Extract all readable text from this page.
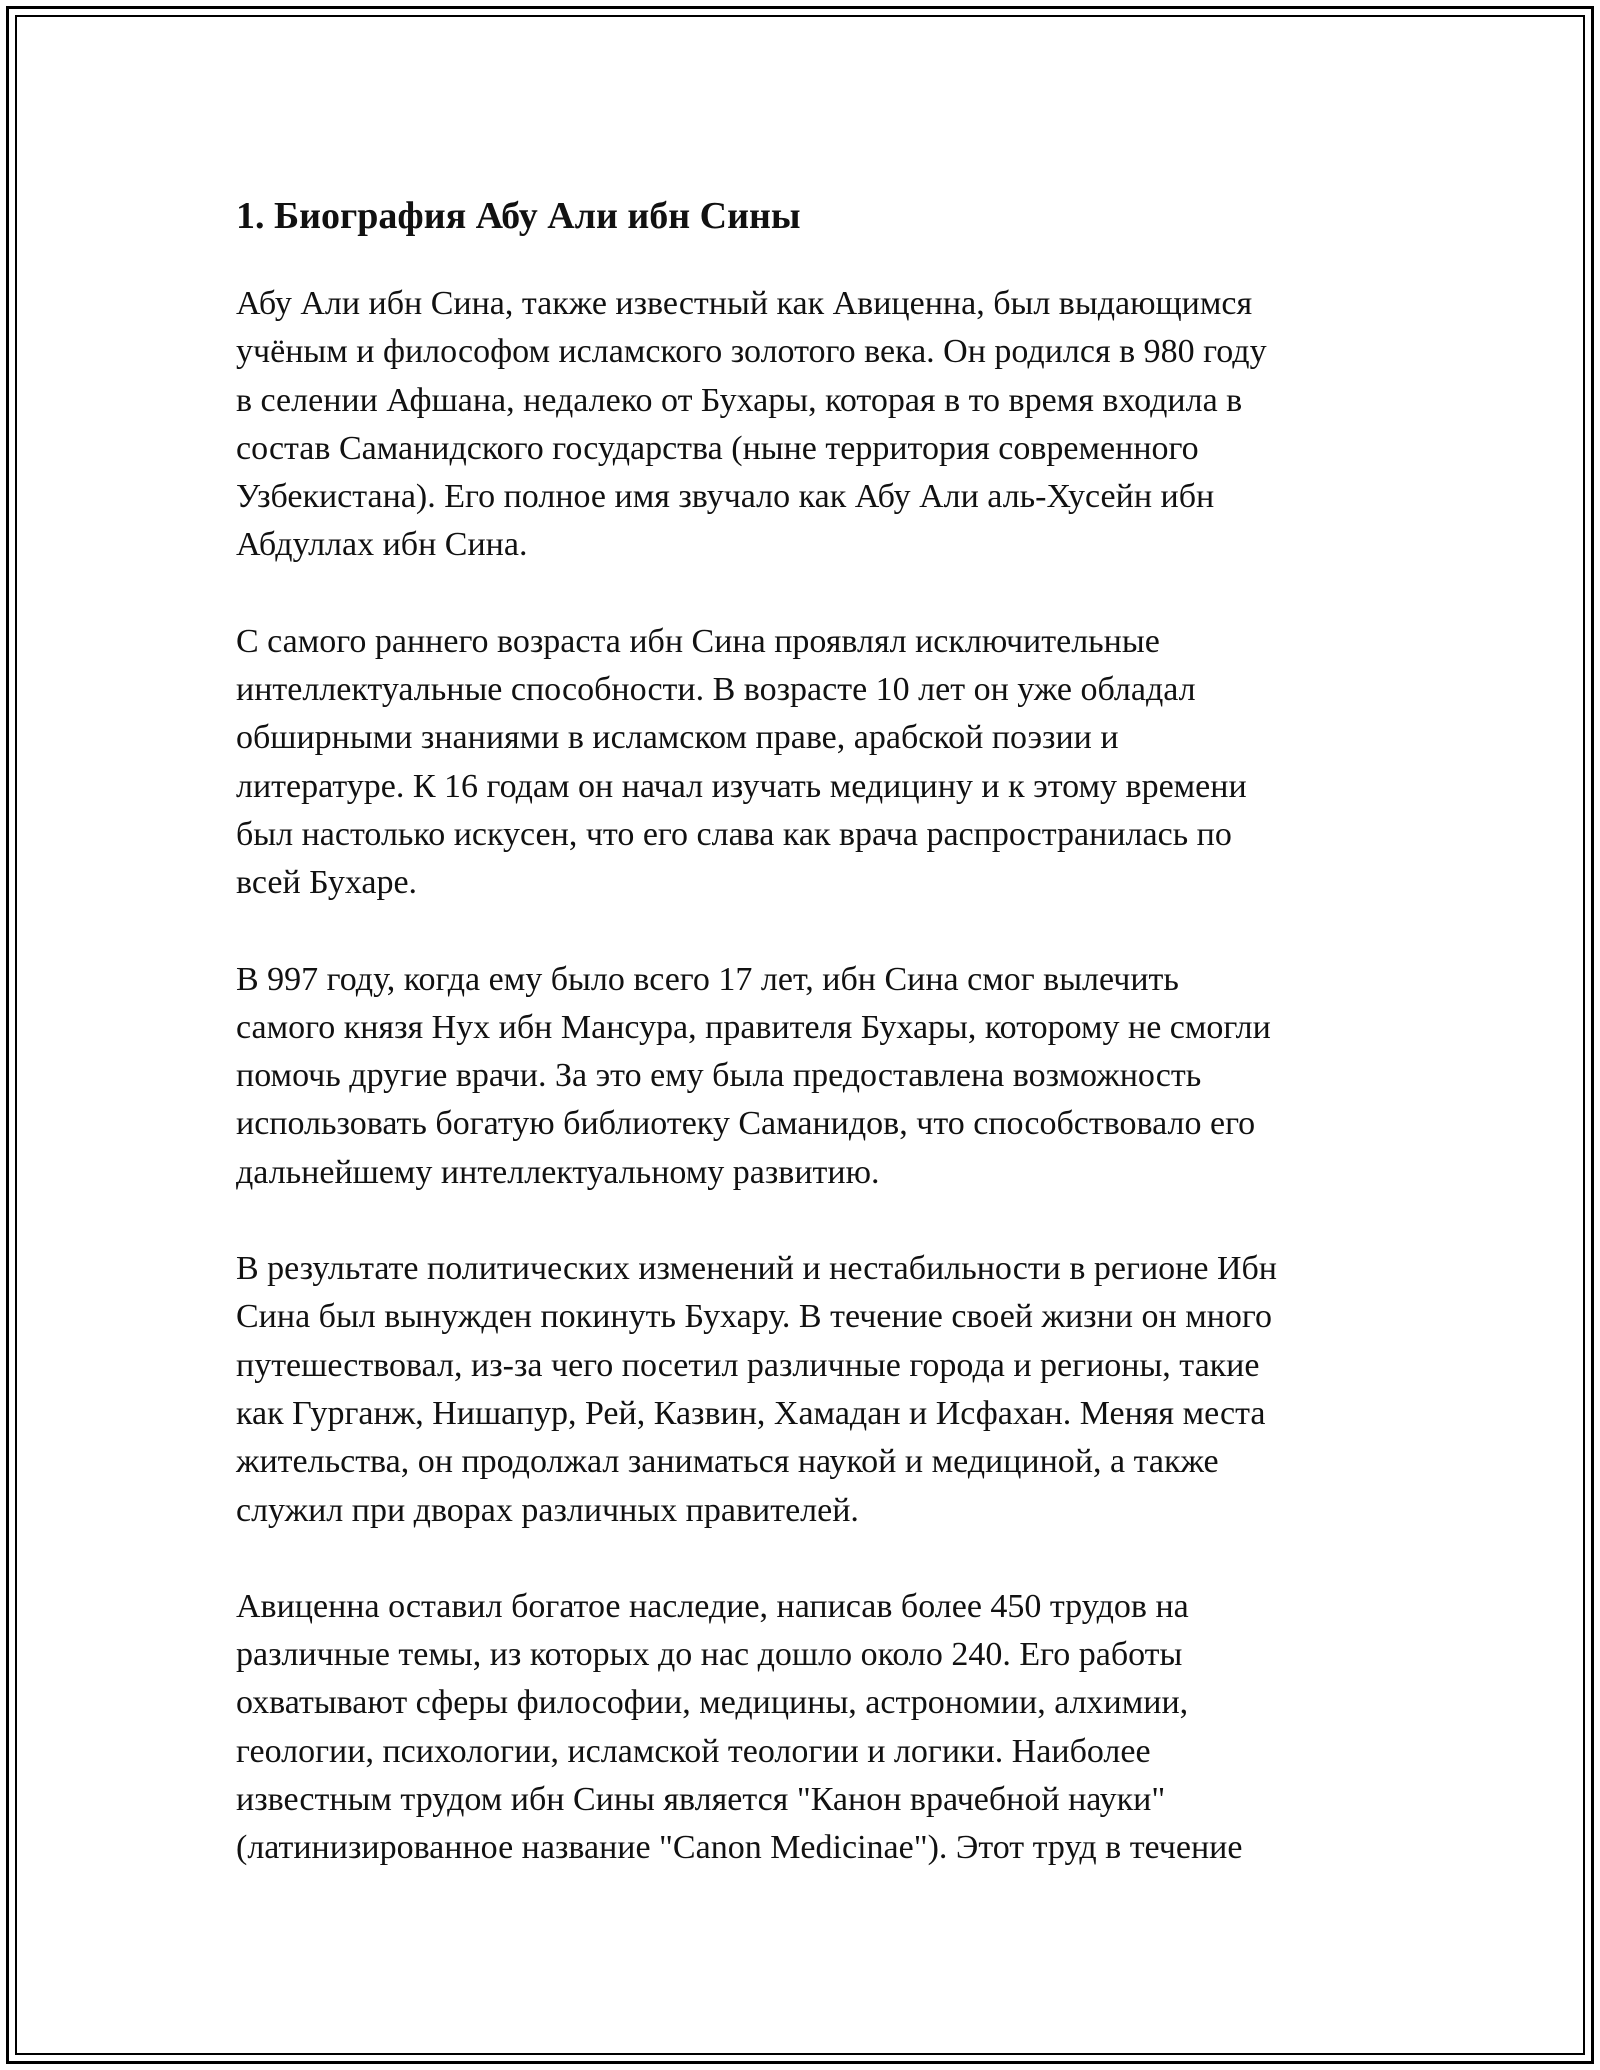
1. Биография Абу Али ибн Сины

Абу Али ибн Сина, также известный как Авиценна, был выдающимся
учёным и философом исламского золотого века. Он родился в 980 году
в селении Афшана, недалеко от Бухары, которая в то время входила в
состав Саманидского государства (ныне территория современного
Узбекистана). Его полное имя звучало как Абу Али аль-Хусейн ибн
Абдуллах ибн Сина.

С самого раннего возраста ибн Сина проявлял исключительные
интеллектуальные способности. В возрасте 10 лет он уже обладал
обширными знаниями в исламском праве, арабской поэзии и
литературе. К 16 годам он начал изучать медицину и к этому времени
был настолько искусен, что его слава как врача распространилась по
всей Бухаре.

В 997 году, когда ему было всего 17 лет, ибн Сина смог вылечить
самого князя Нух ибн Мансура, правителя Бухары, которому не смогли
помочь другие врачи. За это ему была предоставлена возможность
использовать богатую библиотеку Саманидов, что способствовало его
дальнейшему интеллектуальному развитию.

В результате политических изменений и нестабильности в регионе Ибн
Сина был вынужден покинуть Бухару. В течение своей жизни он много
путешествовал, из-за чего посетил различные города и регионы, такие
как Гурганж, Нишапур, Рей, Казвин, Хамадан и Исфахан. Меняя места
жительства, он продолжал заниматься наукой и медициной, а также
служил при дворах различных правителей.

Авиценна оставил богатое наследие, написав более 450 трудов на
различные темы, из которых до нас дошло около 240. Его работы
охватывают сферы философии, медицины, астрономии, алхимии,
геологии, психологии, исламской теологии и логики. Наиболее
известным трудом ибн Сины является "Канон врачебной науки"
(латинизированное название "Canon Medicinae"). Этот труд в течение
